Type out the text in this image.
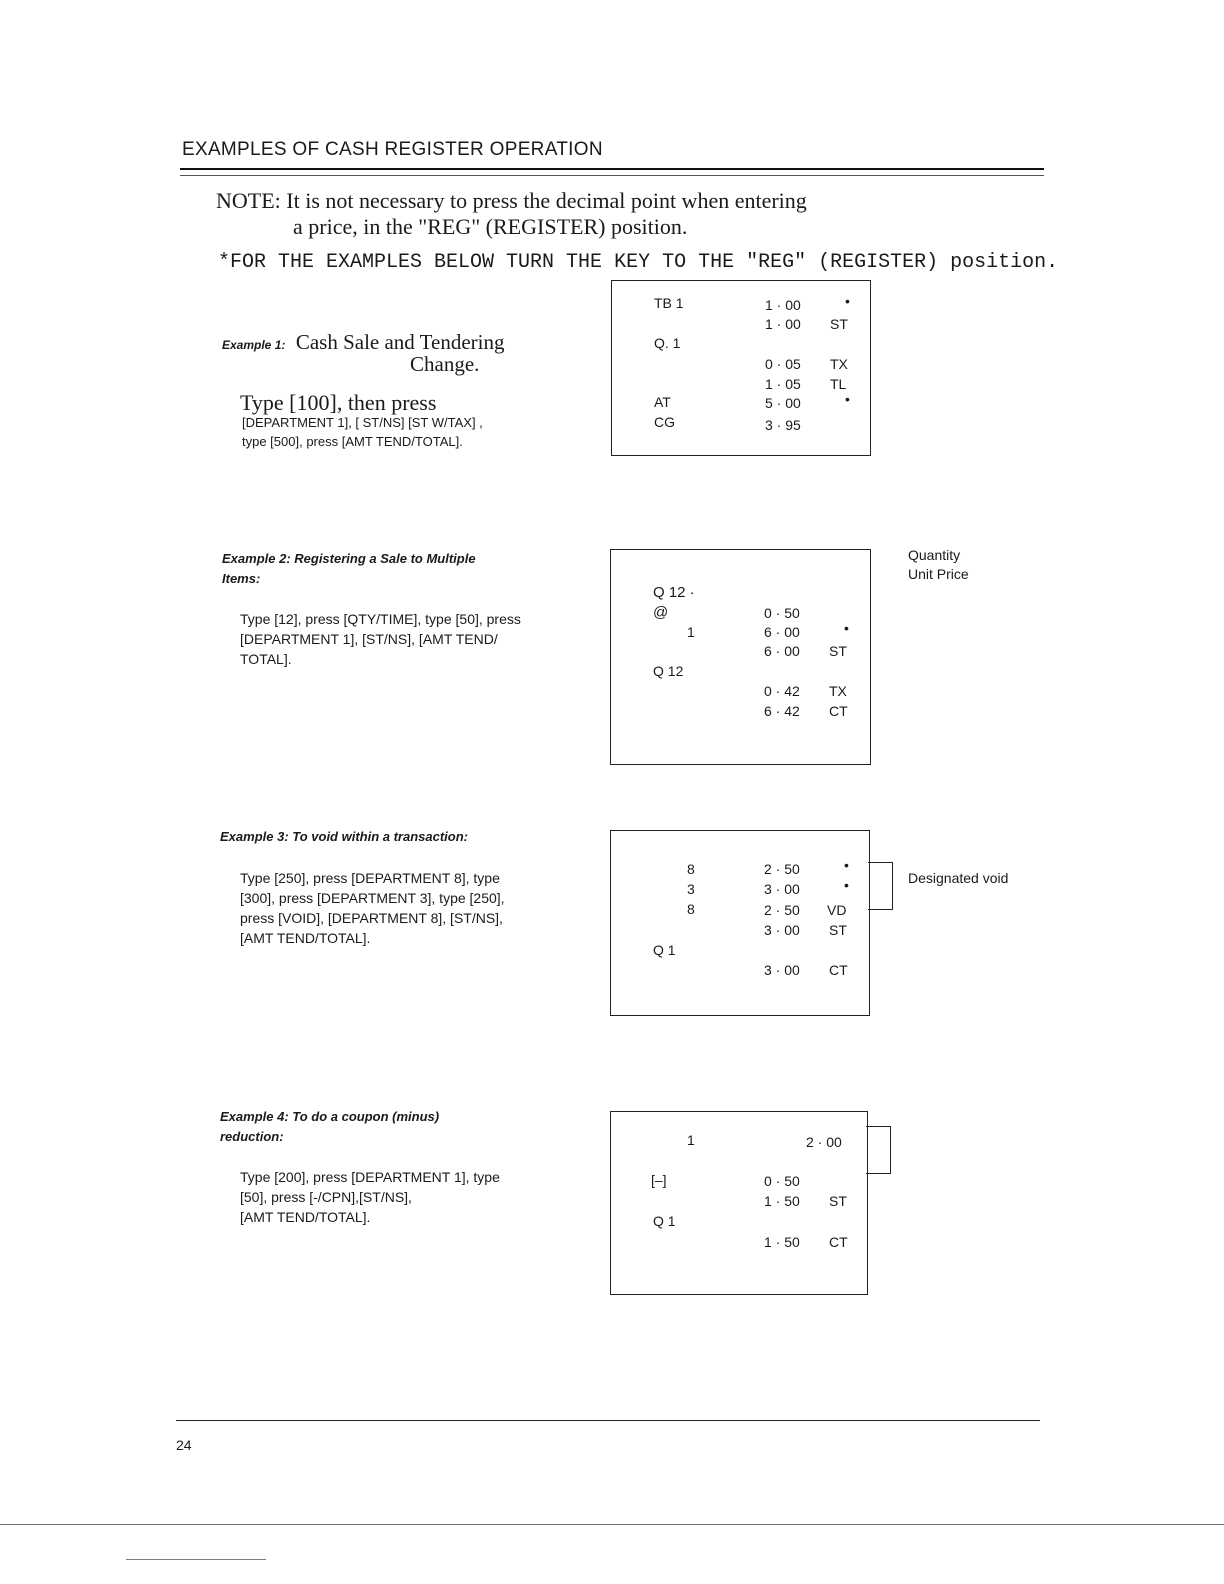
EXAMPLES OF CASH REGISTER OPERATION
NOTE: It is not necessary to press the decimal point when entering
a price, in the "REG" (REGISTER) position.
*FOR THE EXAMPLES BELOW TURN THE KEY TO THE "REG" (REGISTER) position.
Example 1: Cash Sale and Tendering
Change.
Type [100], then press
[DEPARTMENT 1], [ ST/NS] [ST W/TAX] ,
type [500], press [AMT TEND/TOTAL].
TB 1	1 · 00	•
1 · 00 ST
Q. 1
0 · 05 TX
1 · 05 TL
AT	5 · 00	•
CG	3 · 95
Example 2: Registering a Sale to Multiple
Items:
Type [12], press [QTY/TIME], type [50], press
[DEPARTMENT 1], [ST/NS], [AMT TEND/
TOTAL].
Q 12 ·
@	0 · 50
1	6 · 00	•
6 · 00 ST
Q 12
0 · 42 TX
6 · 42 CT
Quantity
Unit Price
Example 3: To void within a transaction:
Type [250], press [DEPARTMENT 8], type
[300], press [DEPARTMENT 3], type [250],
press [VOID], [DEPARTMENT 8], [ST/NS],
[AMT TEND/TOTAL].
8	2 · 50	•
3	3 · 00	•
8	2 · 50 VD
3 · 00 ST
Q 1
3 · 00 CT
Designated void
Example 4: To do a coupon (minus)
reduction:
Type [200], press [DEPARTMENT 1], type
[50], press [-/CPN],[ST/NS],
[AMT TEND/TOTAL].
1	2 · 00
[–]	0 · 50
1 · 50 ST
Q 1
1 · 50 CT
24
